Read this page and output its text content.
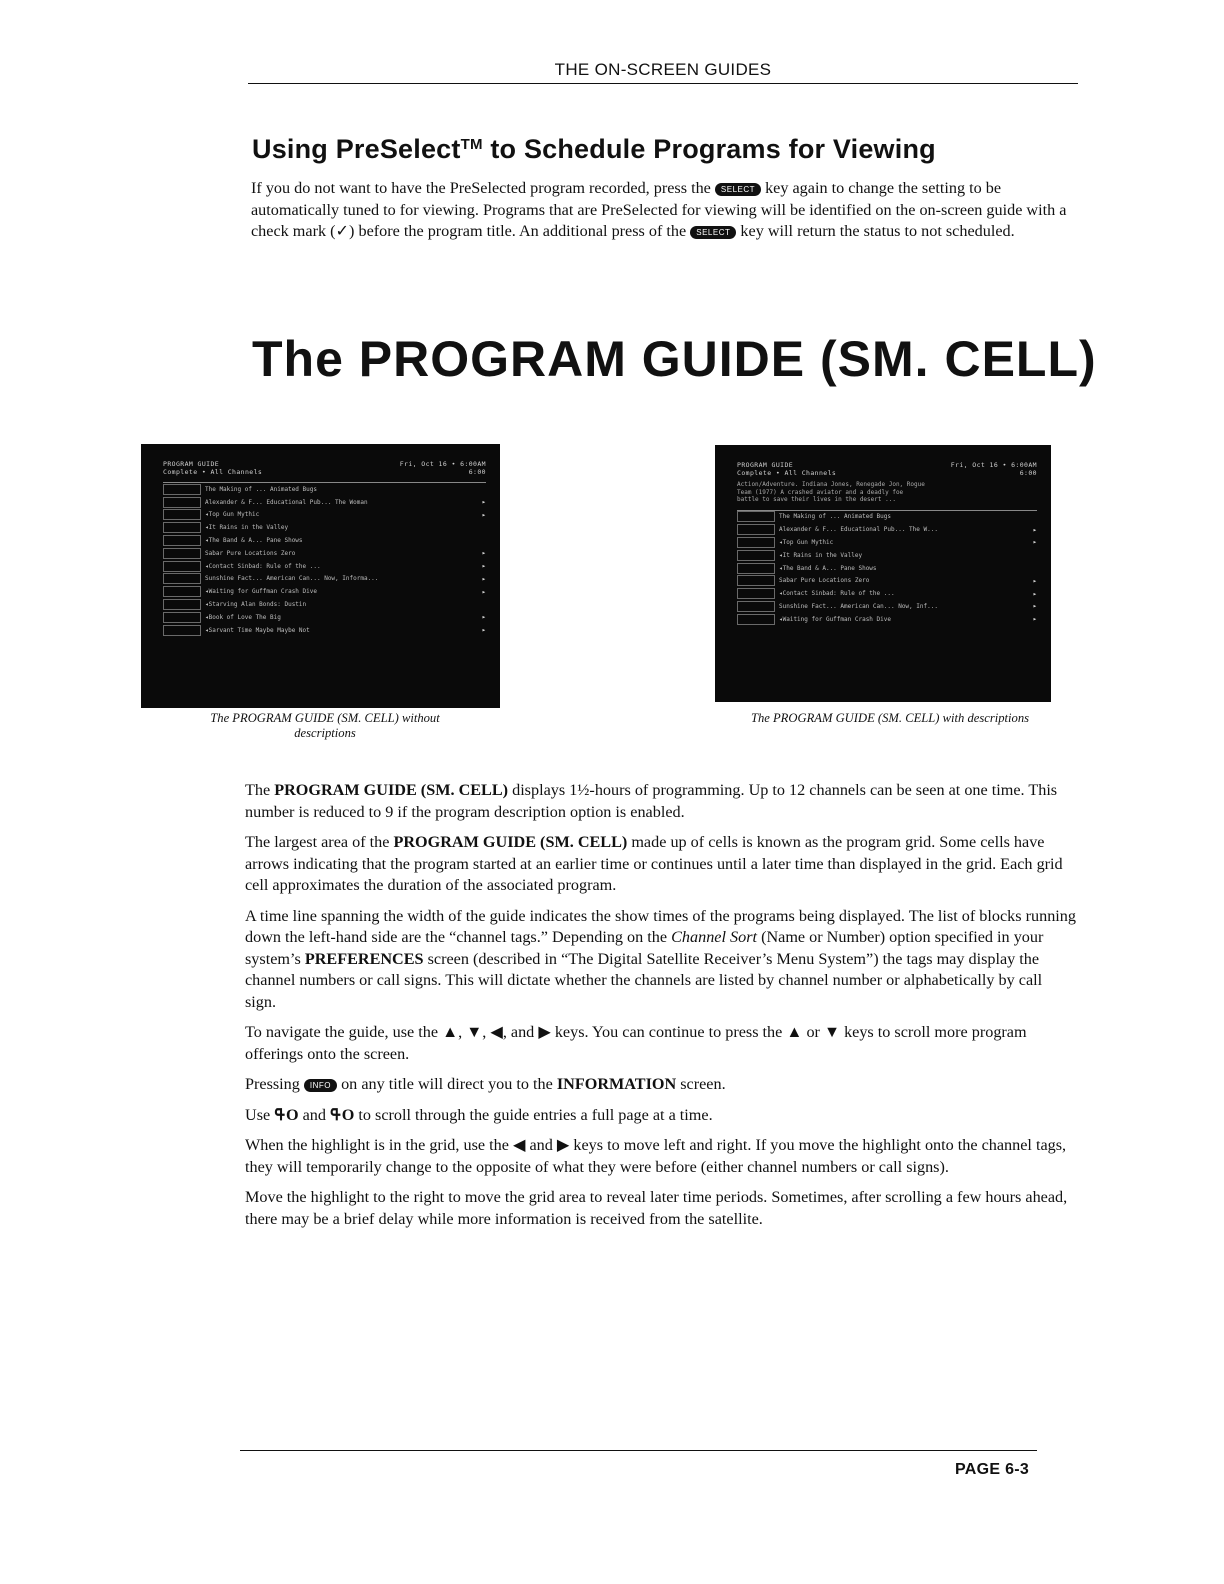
THE ON-SCREEN GUIDES
Using PreSelect™ to Schedule Programs for Viewing

If you do not want to have the PreSelected program recorded, press the SELECT key again to change the setting to be automatically tuned to for viewing. Programs that are PreSelected for viewing will be identified on the on-screen guide with a check mark (✓) before the program title. An additional press of the SELECT key will return the status to not scheduled.

The PROGRAM GUIDE (SM. CELL)
PROGRAM GUIDE	Fri, Oct 16 • 6:00AM
Complete • All Channels	6:00
The Making of ... Animated Bugs
Alexander & F... Educational Pub... The Woman	▸
◂Top Gun Mythic	▸
◂It Rains in the Valley
◂The Band & A... Pane Shows
Sabar Pure Locations Zero	▸
◂Contact Sinbad: Rule of the ...	▸
Sunshine Fact... American Can... Now, Informa...	▸
◂Waiting for Guffman Crash Dive	▸
◂Starving Alan Bonds: Dustin
◂Book of Love The Big	▸
◂Sarvant Time Maybe Maybe Not	▸
The PROGRAM GUIDE (SM. CELL) without
descriptions
PROGRAM GUIDE	Fri, Oct 16 • 6:00AM
Complete • All Channels	6:00
Action/Adventure. Indiana Jones, Renegade Jon, Rogue
Team (1977) A crashed aviator and a deadly foe
battle to save their lives in the desert ...
The Making of ... Animated Bugs
Alexander & F... Educational Pub... The W...	▸
◂Top Gun Mythic	▸
◂It Rains in the Valley
◂The Band & A... Pane Shows
Sabar Pure Locations Zero	▸
◂Contact Sinbad: Rule of the ...	▸
Sunshine Fact... American Can... Now, Inf...	▸
◂Waiting for Guffman Crash Dive	▸
The PROGRAM GUIDE (SM. CELL) with descriptions

The PROGRAM GUIDE (SM. CELL) displays 1½-hours of programming. Up to 12 channels can be seen at one time. This number is reduced to 9 if the program description option is enabled.

The largest area of the PROGRAM GUIDE (SM. CELL) made up of cells is known as the program grid. Some cells have arrows indicating that the program started at an earlier time or continues until a later time than displayed in the grid. Each grid cell approximates the duration of the associated program.

A time line spanning the width of the guide indicates the show times of the programs being displayed. The list of blocks running down the left-hand side are the “channel tags.” Depending on the Channel Sort (Name or Number) option specified in your system’s PREFERENCES screen (described in “The Digital Satellite Receiver’s Menu System”) the tags may display the channel numbers or call signs. This will dictate whether the channels are listed by channel number or alphabetically by call sign.

To navigate the guide, use the ▲, ▼, ◀, and ▶ keys. You can continue to press the ▲ or ▼ keys to scroll more program offerings onto the screen.

Pressing INFO on any title will direct you to the INFORMATION screen.

Use ߟO and ߟO to scroll through the guide entries a full page at a time.

When the highlight is in the grid, use the ◀ and ▶ keys to move left and right. If you move the highlight onto the channel tags, they will temporarily change to the opposite of what they were before (either channel numbers or call signs).

Move the highlight to the right to move the grid area to reveal later time periods. Sometimes, after scrolling a few hours ahead, there may be a brief delay while more information is received from the satellite.

PAGE 6-3
